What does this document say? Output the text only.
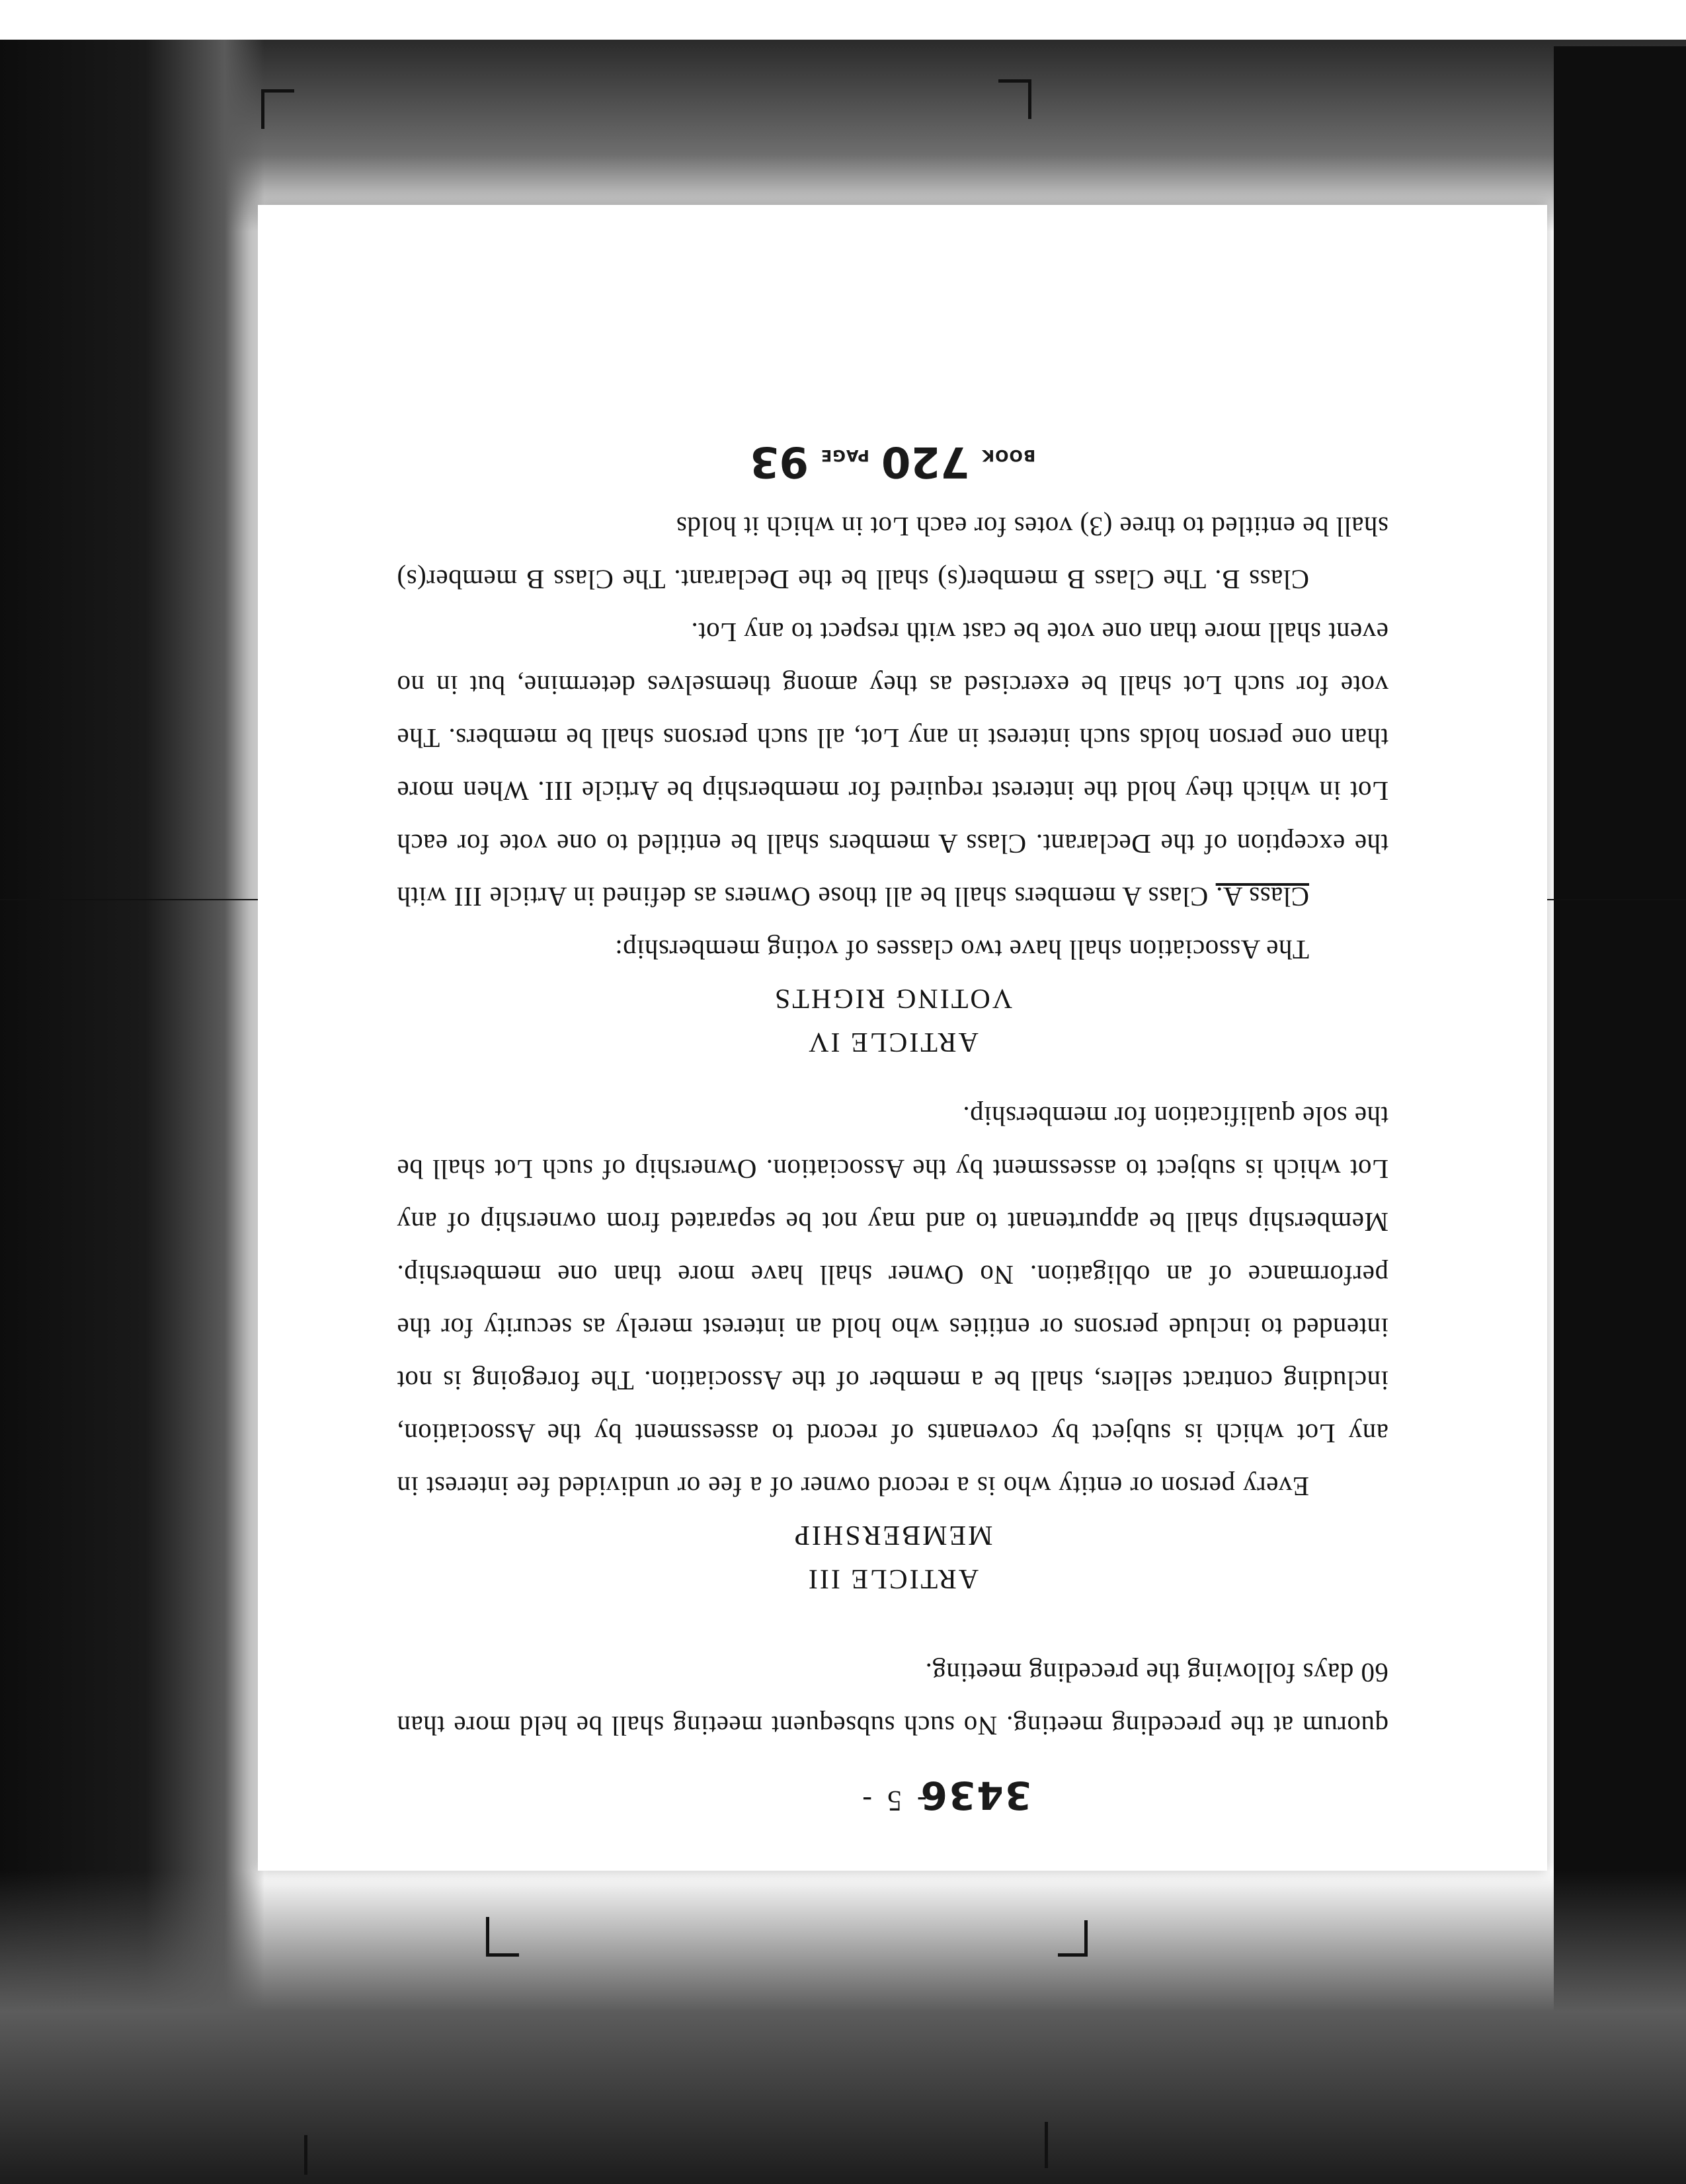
3436

- 5 -

quorum at the preceding meeting. No such subsequent meeting shall be held more than 60 days following the preceding meeting.

ARTICLE III

MEMBERSHIP

Every person or entity who is a record owner of a fee or undivided fee interest in any Lot which is subject by covenants of record to assessment by the Association, including contract sellers, shall be a member of the Association. The foregoing is not intended to include persons or entities who hold an interest merely as security for the performance of an obligation. No Owner shall have more than one membership. Membership shall be appurtenant to and may not be separated from ownership of any Lot which is subject to assessment by the Association. Ownership of such Lot shall be the sole qualification for membership.

ARTICLE IV

VOTING RIGHTS

The Association shall have two classes of voting membership:

Class A. Class A members shall be all those Owners as defined in Article III with the exception of the Declarant. Class A members shall be entitled to one vote for each Lot in which they hold the interest required for membership be Article III. When more than one person holds such interest in any Lot, all such persons shall be members. The vote for such Lot shall be exercised as they among themselves determine, but in no event shall more than one vote be cast with respect to any Lot.

Class B. The Class B member(s) shall be the Declarant. The Class B member(s) shall be entitled to three (3) votes for each Lot in which it holds

BOOK
720
PAGE
93
